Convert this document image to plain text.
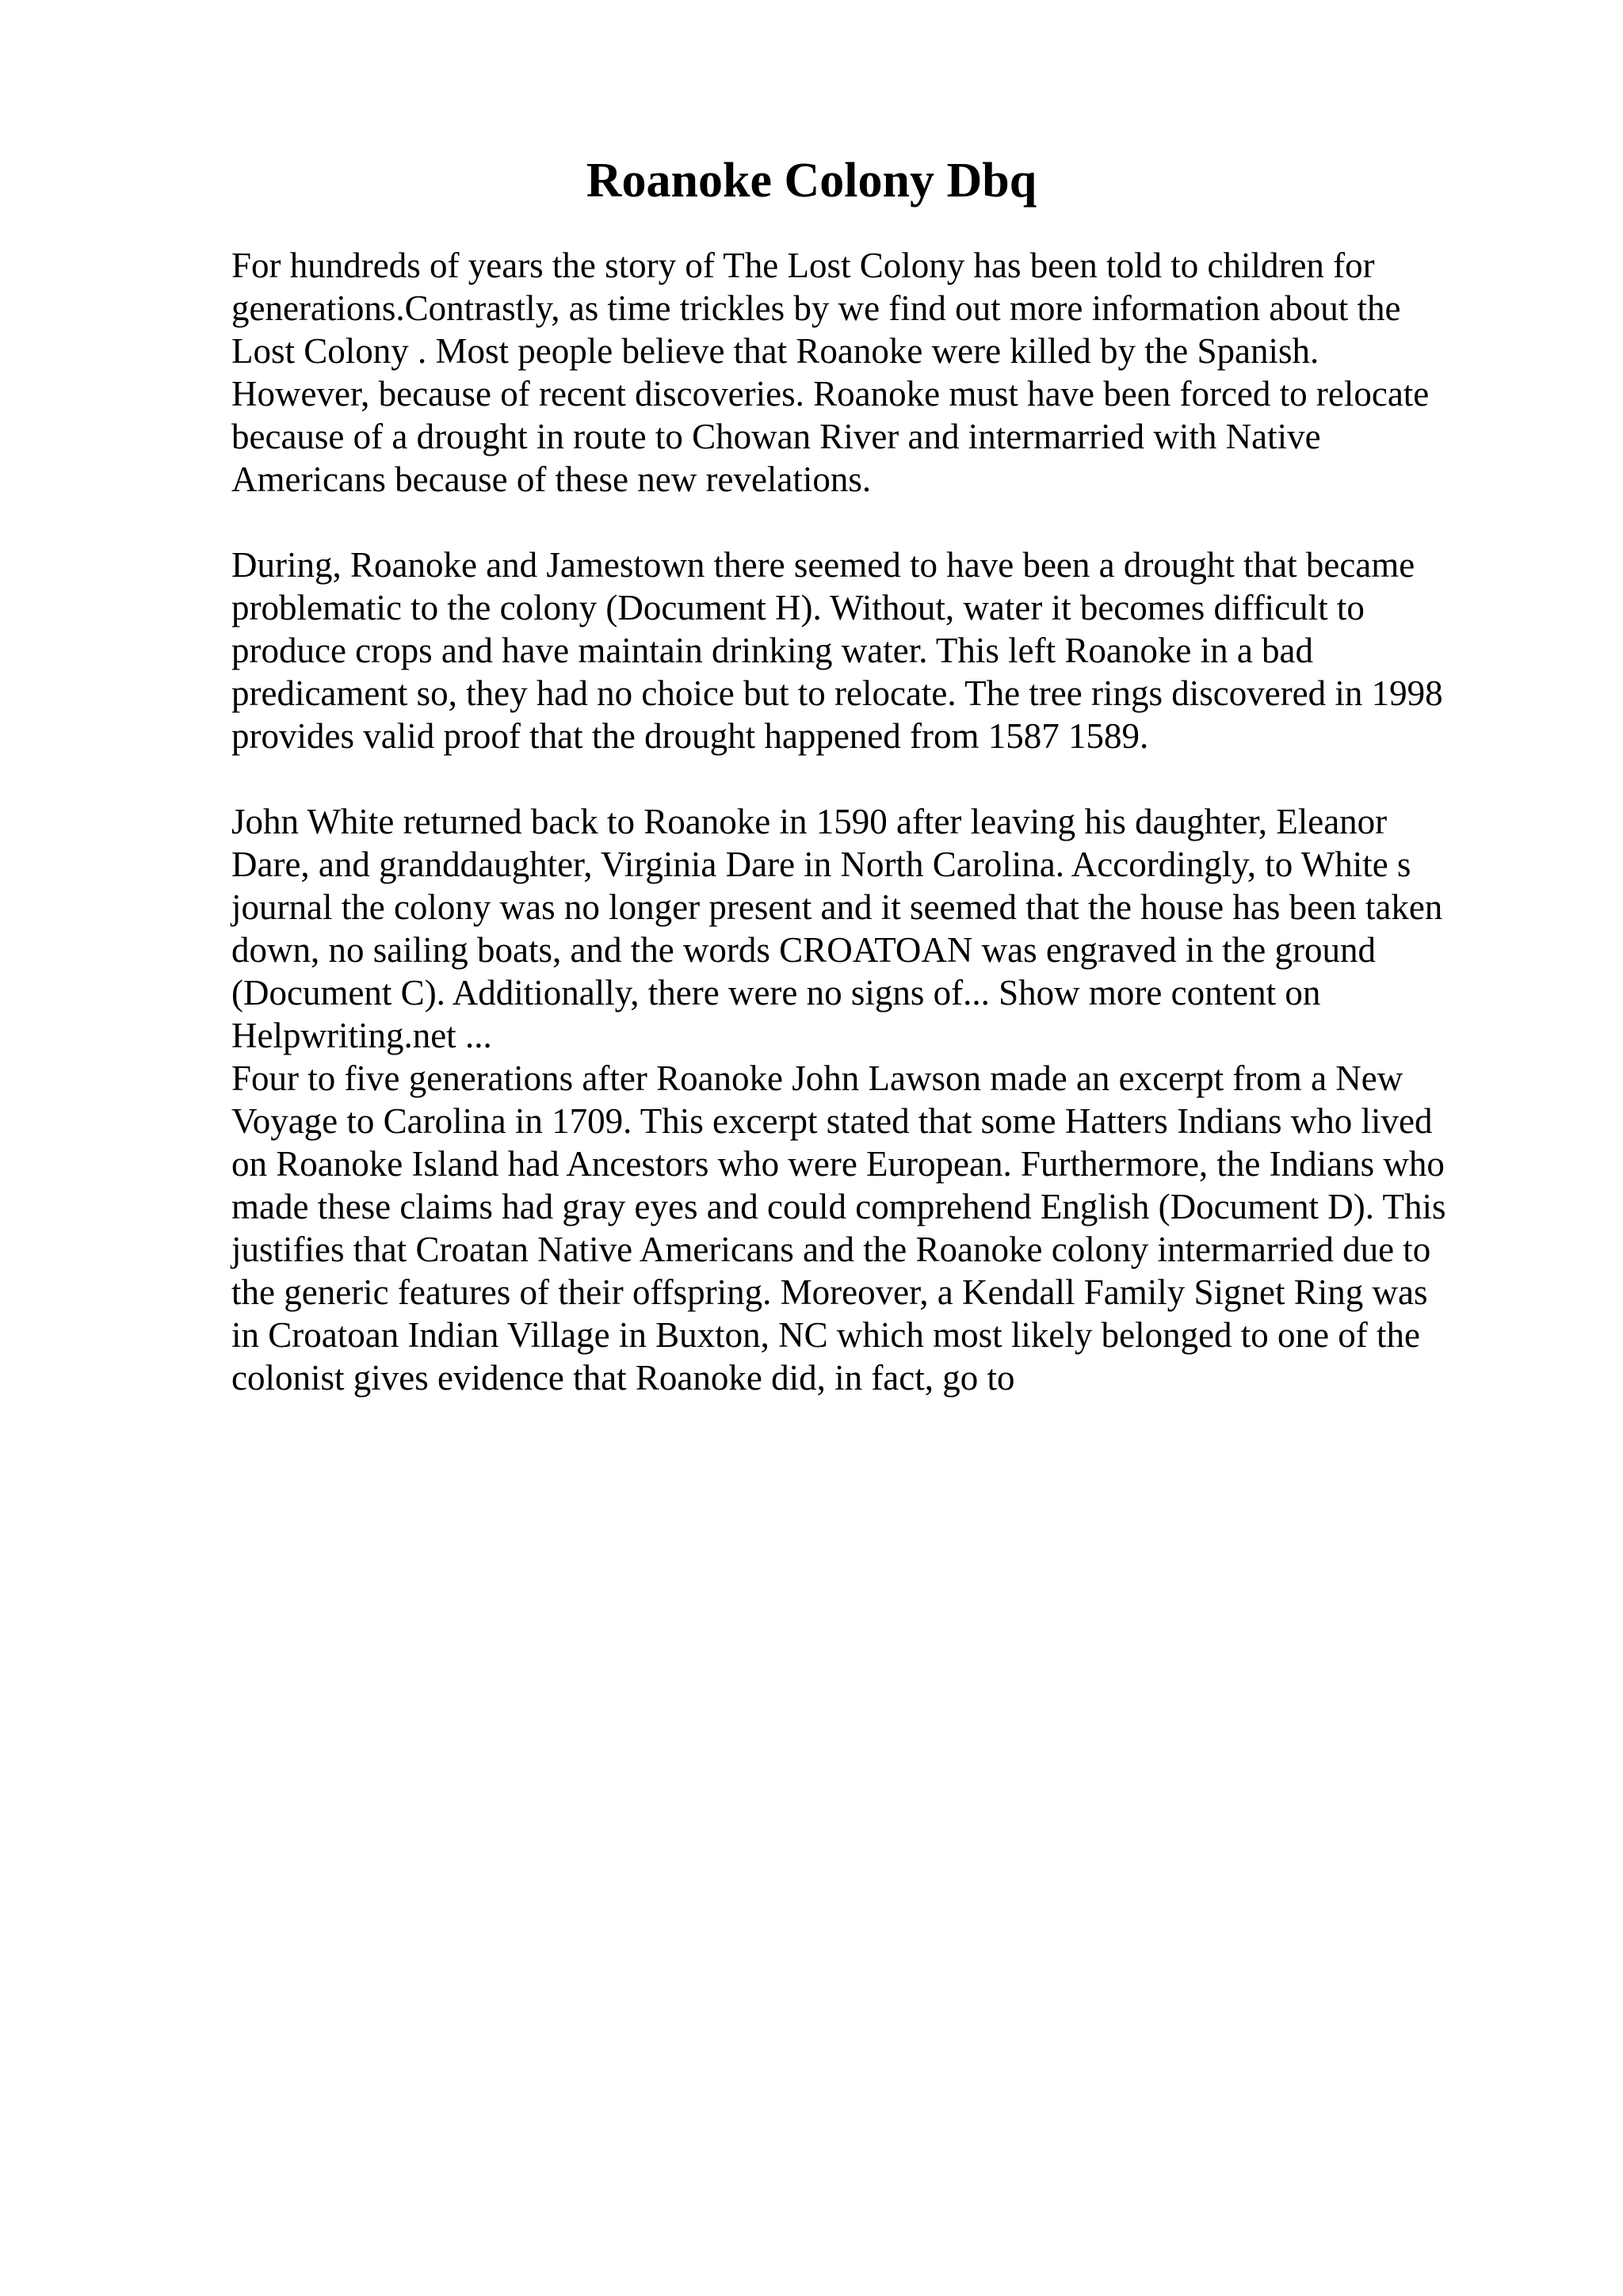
Roanoke Colony Dbq
For hundreds of years the story of The Lost Colony has been told to children for
generations.Contrastly, as time trickles by we find out more information about the
Lost Colony . Most people believe that Roanoke were killed by the Spanish.
However, because of recent discoveries. Roanoke must have been forced to relocate
because of a drought in route to Chowan River and intermarried with Native
Americans because of these new revelations.
During, Roanoke and Jamestown there seemed to have been a drought that became
problematic to the colony (Document H). Without, water it becomes difficult to
produce crops and have maintain drinking water. This left Roanoke in a bad
predicament so, they had no choice but to relocate. The tree rings discovered in 1998
provides valid proof that the drought happened from 1587 1589.
John White returned back to Roanoke in 1590 after leaving his daughter, Eleanor
Dare, and granddaughter, Virginia Dare in North Carolina. Accordingly, to White s
journal the colony was no longer present and it seemed that the house has been taken
down, no sailing boats, and the words CROATOAN was engraved in the ground
(Document C). Additionally, there were no signs of... Show more content on
Helpwriting.net ...
Four to five generations after Roanoke John Lawson made an excerpt from a New
Voyage to Carolina in 1709. This excerpt stated that some Hatters Indians who lived
on Roanoke Island had Ancestors who were European. Furthermore, the Indians who
made these claims had gray eyes and could comprehend English (Document D). This
justifies that Croatan Native Americans and the Roanoke colony intermarried due to
the generic features of their offspring. Moreover, a Kendall Family Signet Ring was
in Croatoan Indian Village in Buxton, NC which most likely belonged to one of the
colonist gives evidence that Roanoke did, in fact, go to
